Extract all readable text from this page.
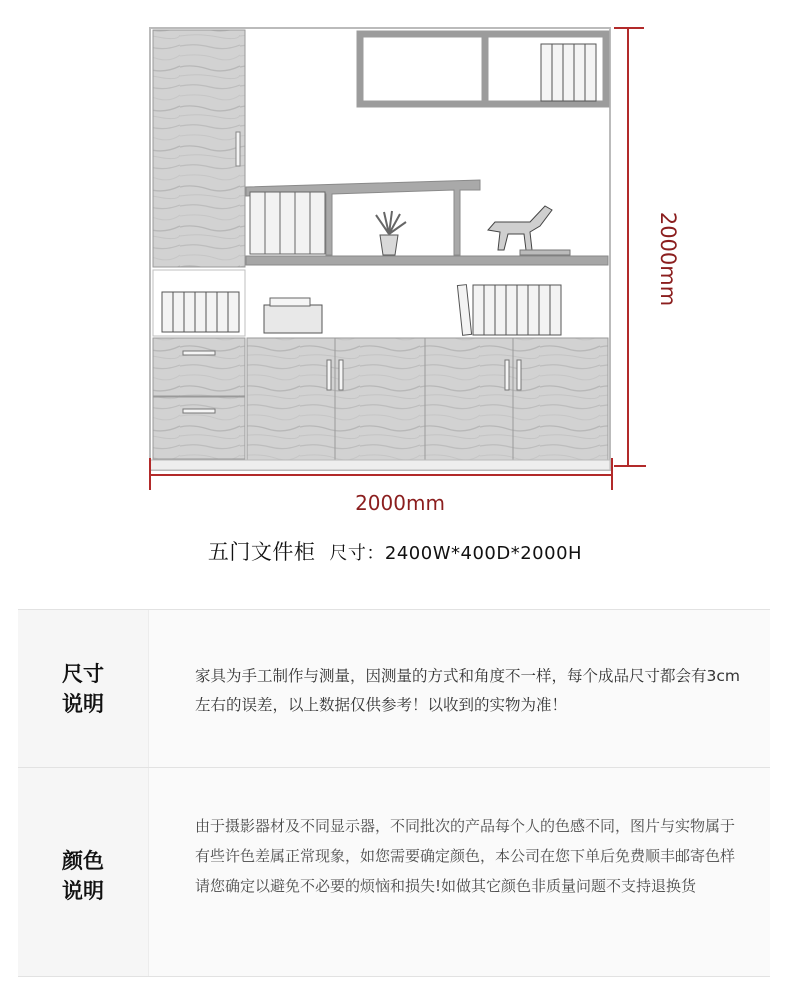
2000mm
2000mm
五门文件柜 尺寸：2400W*400D*2000H
尺寸
说明

家具为手工制作与测量，因测量的方式和角度不一样，每个成品尺寸都会有3cm左右的误差，以上数据仅供参考！以收到的实物为准！

颜色
说明

由于摄影器材及不同显示器，不同批次的产品每个人的色感不同，图片与实物属于有些许色差属正常现象，如您需要确定颜色，本公司在您下单后免费顺丰邮寄色样请您确定以避免不必要的烦恼和损失!如做其它颜色非质量问题不支持退换货
